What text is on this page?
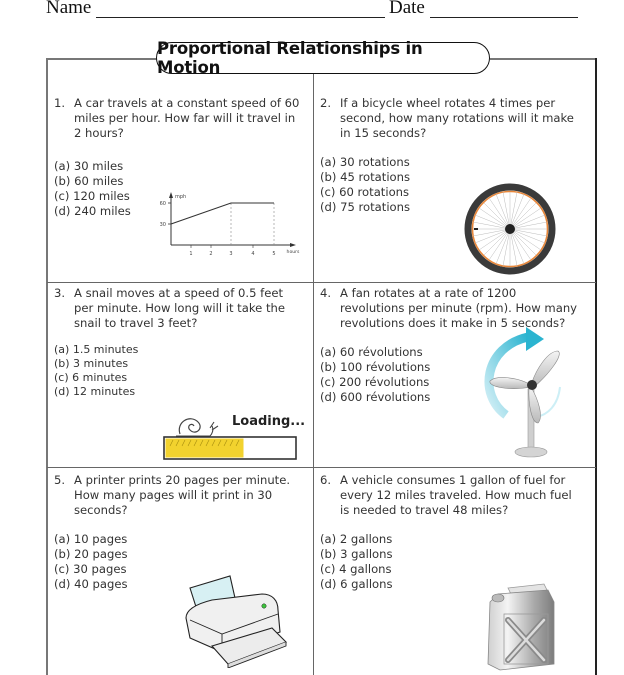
Name	Date
Proportional Relationships in Motion
1. A car travels at a constant speed of 60 miles per hour. How far will it travel in 2 hours?
(a) 30 miles
(b) 60 miles
(c) 120 miles
(d) 240 miles
30
60
mph
1	2	3	4	5 hours
2. If a bicycle wheel rotates 4 times per second, how many rotations will it make in 15 seconds?
(a) 30 rotations
(b) 45 rotations
(c) 60 rotations
(d) 75 rotations
3. A snail moves at a speed of 0.5 feet per minute. How long will it take the snail to travel 3 feet?
(a) 1.5 minutes
(b) 3 minutes
(c) 6 minutes
(d) 12 minutes
Loading...
4. A fan rotates at a rate of 1200 revolutions per minute (rpm). How many revolutions does it make in 5 seconds?
(a) 60 révolutions
(b) 100 révolutions
(c) 200 révolutions
(d) 600 révolutions
5. A printer prints 20 pages per minute. How many pages will it print in 30 seconds?
(a) 10 pages
(b) 20 pages
(c) 30 pages
(d) 40 pages
6. A vehicle consumes 1 gallon of fuel for every 12 miles traveled. How much fuel is needed to travel 48 miles?
(a) 2 gallons
(b) 3 gallons
(c) 4 gallons
(d) 6 gallons
